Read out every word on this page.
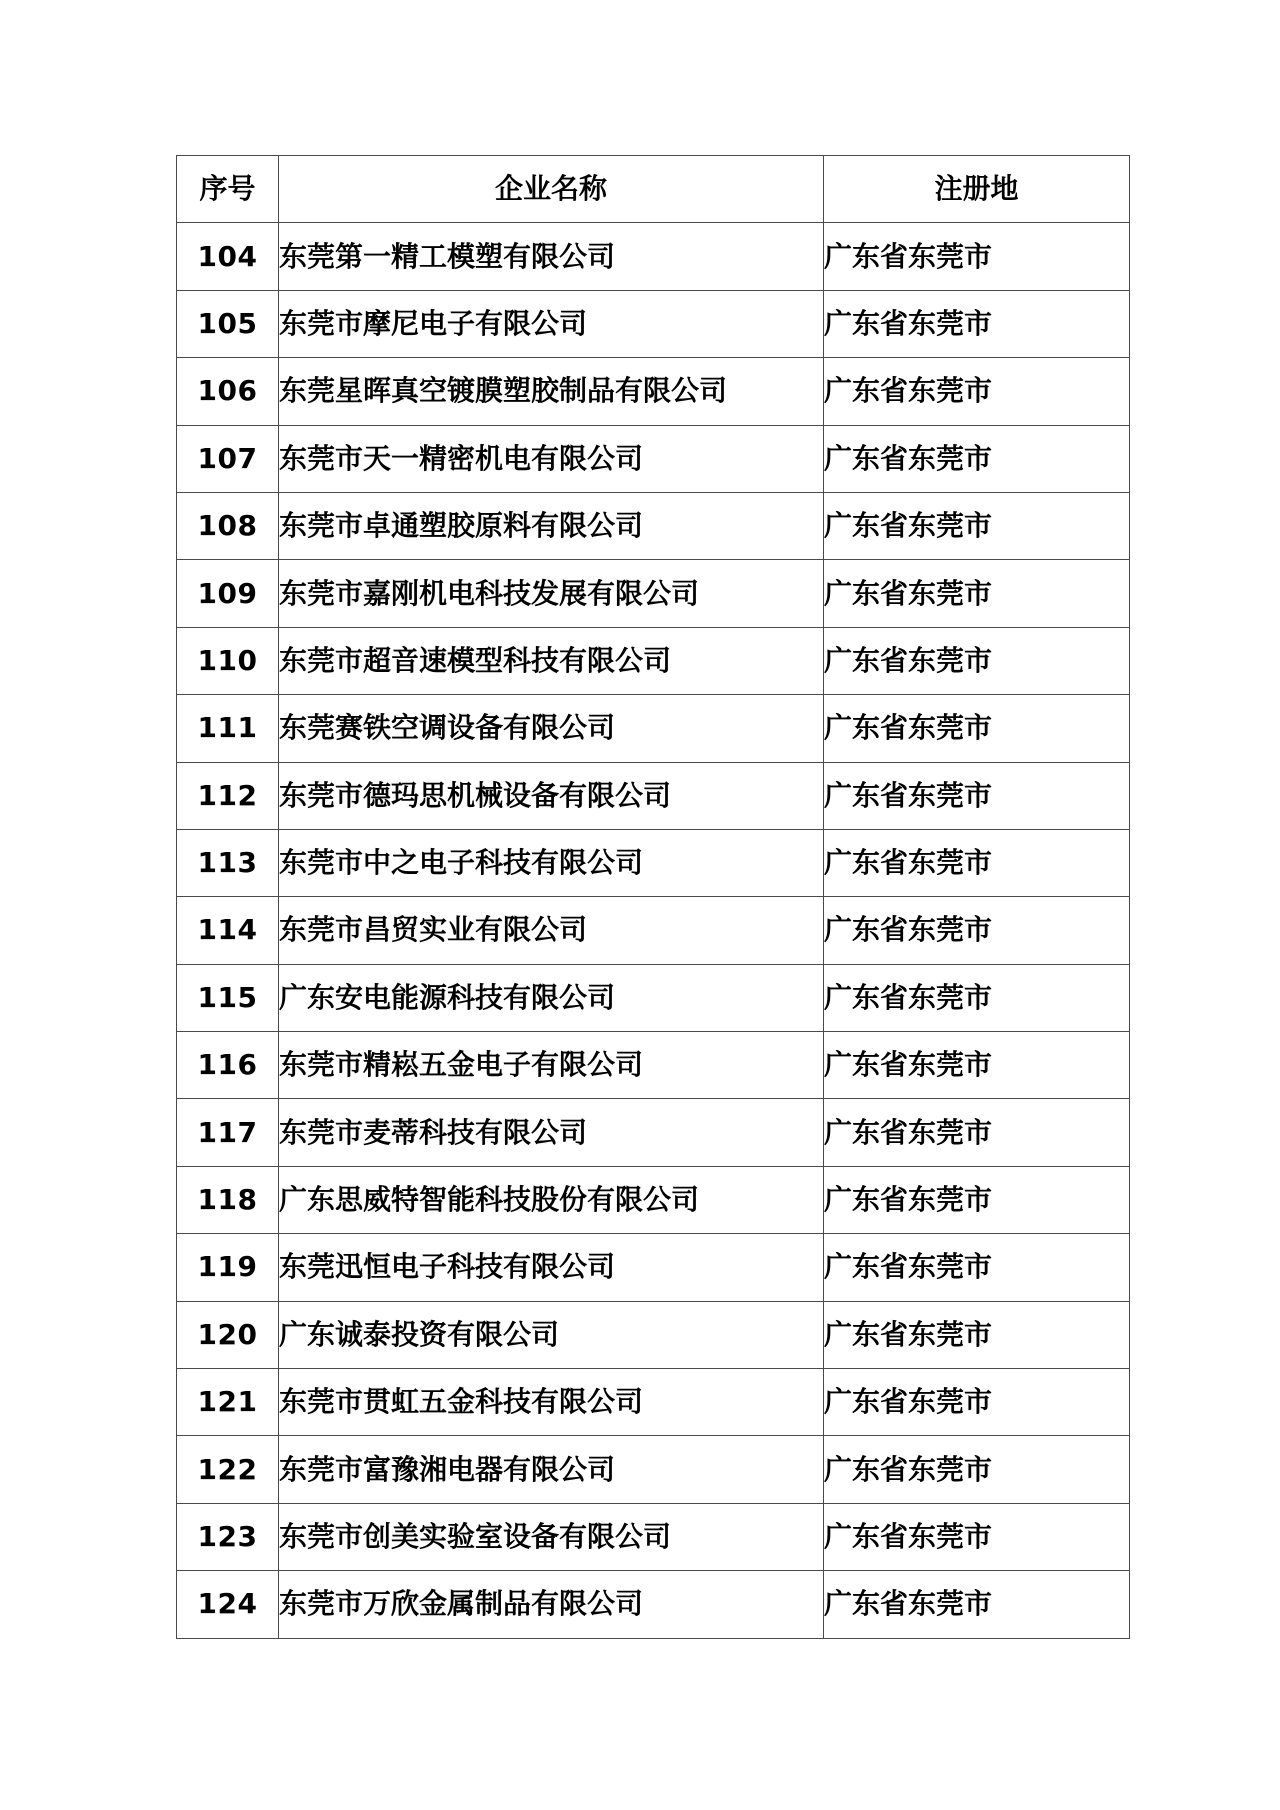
序号	企业名称	注册地
104	东莞第一精工模塑有限公司	广东省东莞市
105	东莞市摩尼电子有限公司	广东省东莞市
106	东莞星晖真空镀膜塑胶制品有限公司	广东省东莞市
107	东莞市天一精密机电有限公司	广东省东莞市
108	东莞市卓通塑胶原料有限公司	广东省东莞市
109	东莞市嘉刚机电科技发展有限公司	广东省东莞市
110	东莞市超音速模型科技有限公司	广东省东莞市
111	东莞赛铁空调设备有限公司	广东省东莞市
112	东莞市德玛思机械设备有限公司	广东省东莞市
113	东莞市中之电子科技有限公司	广东省东莞市
114	东莞市昌贸实业有限公司	广东省东莞市
115	广东安电能源科技有限公司	广东省东莞市
116	东莞市精崧五金电子有限公司	广东省东莞市
117	东莞市麦蒂科技有限公司	广东省东莞市
118	广东思威特智能科技股份有限公司	广东省东莞市
119	东莞迅恒电子科技有限公司	广东省东莞市
120	广东诚泰投资有限公司	广东省东莞市
121	东莞市贯虹五金科技有限公司	广东省东莞市
122	东莞市富豫湘电器有限公司	广东省东莞市
123	东莞市创美实验室设备有限公司	广东省东莞市
124	东莞市万欣金属制品有限公司	广东省东莞市
